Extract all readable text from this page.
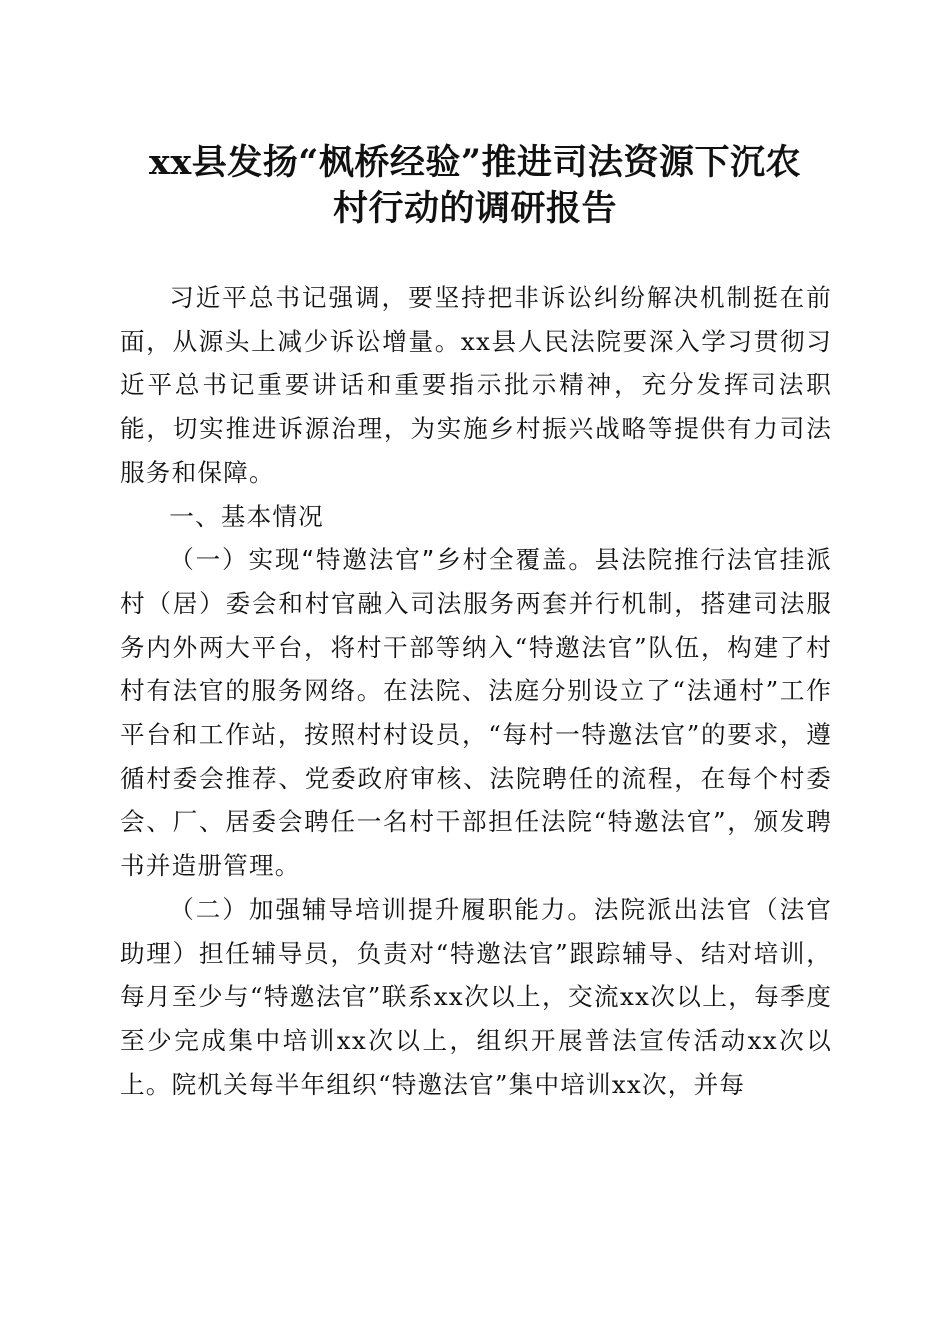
xx县发扬“枫桥经验”推进司法资源下沉农
村行动的调研报告

习近平总书记强调，要坚持把非诉讼纠纷解决机制挺在前面，从源头上减少诉讼增量。xx县人民法院要深入学习贯彻习近平总书记重要讲话和重要指示批示精神，充分发挥司法职能，切实推进诉源治理，为实施乡村振兴战略等提供有力司法服务和保障。

一、基本情况

（一）实现“特邀法官”乡村全覆盖。县法院推行法官挂派村（居）委会和村官融入司法服务两套并行机制，搭建司法服务内外两大平台，将村干部等纳入“特邀法官”队伍，构建了村村有法官的服务网络。在法院、法庭分别设立了“法通村”工作平台和工作站，按照村村设员，“每村一特邀法官”的要求，遵循村委会推荐、党委政府审核、法院聘任的流程，在每个村委会、厂、居委会聘任一名村干部担任法院“特邀法官”，颁发聘书并造册管理。

（二）加强辅导培训提升履职能力。法院派出法官（法官助理）担任辅导员，负责对“特邀法官”跟踪辅导、结对培训，每月至少与“特邀法官”联系xx次以上，交流xx次以上，每季度至少完成集中培训xx次以上，组织开展普法宣传活动xx次以上。院机关每半年组织“特邀法官”集中培训xx次，并每
